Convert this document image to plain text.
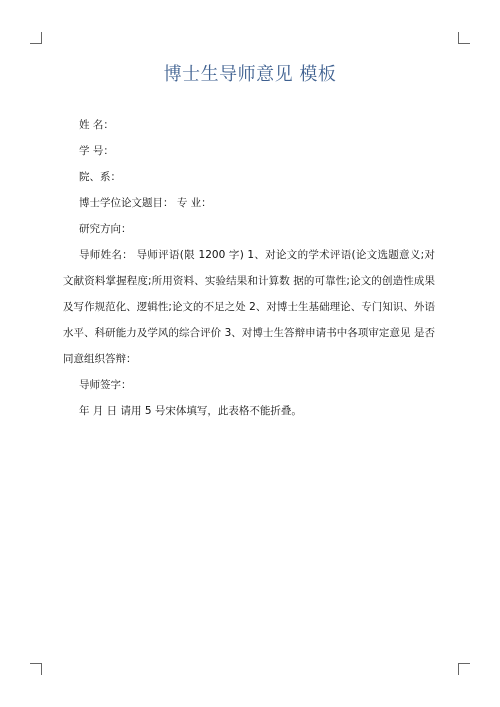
博士生导师意见 模板
姓 名：
学 号：
院、系：
博士学位论文题目： 专 业：
研究方向：
导师姓名： 导师评语(限 1200 字) 1、对论文的学术评语(论文选题意义;对文献资料掌握程度;所用资料、实验结果和计算数 据的可靠性;论文的创造性成果及写作规范化、逻辑性;论文的不足之处 2、对博士生基础理论、专门知识、外语水平、科研能力及学风的综合评价 3、对博士生答辩申请书中各项审定意见 是否同意组织答辩：
导师签字：
年 月 日 请用 5 号宋体填写，此表格不能折叠。
